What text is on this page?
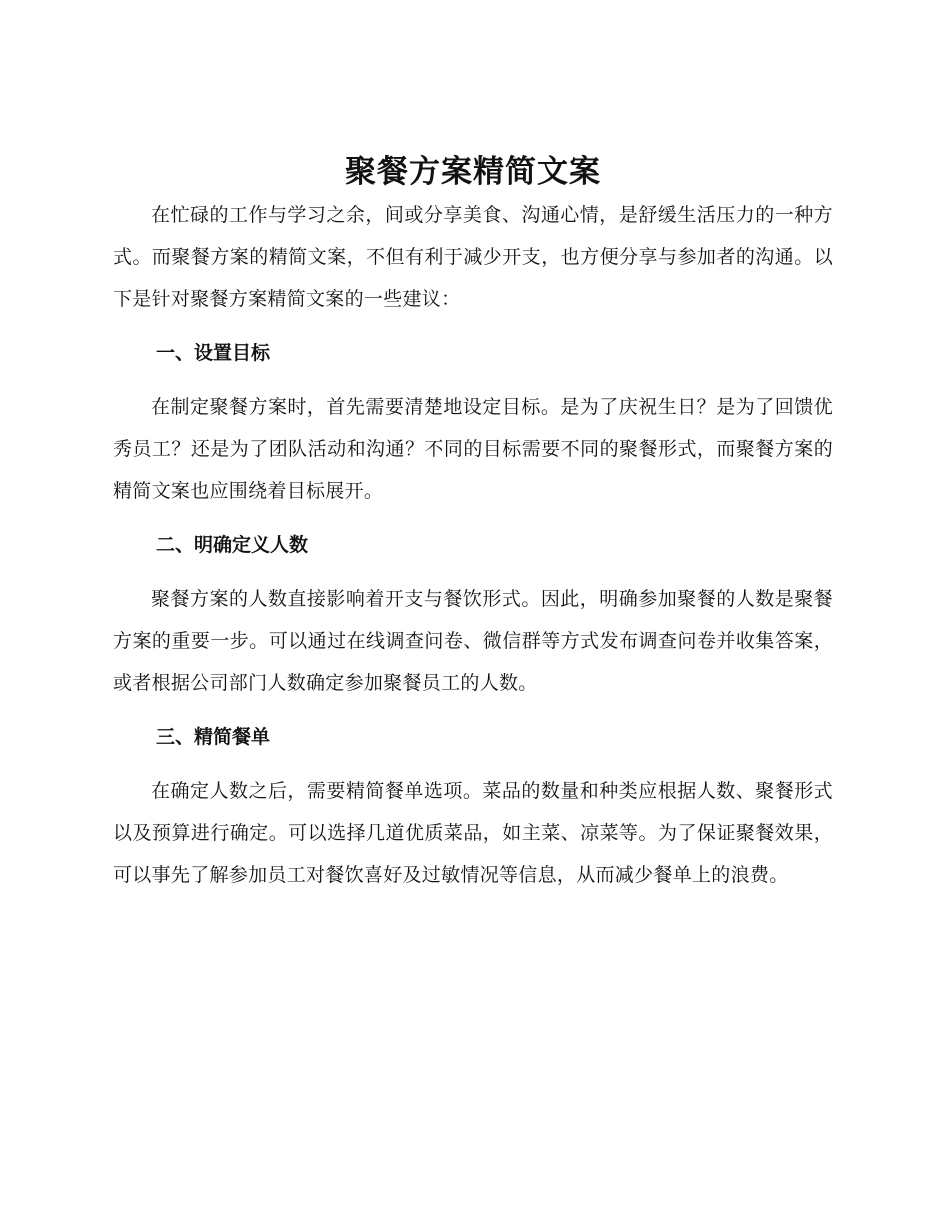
聚餐方案精简文案

在忙碌的工作与学习之余，间或分享美食、沟通心情，是舒缓生活压力的一种方式。而聚餐方案的精简文案，不但有利于减少开支，也方便分享与参加者的沟通。以下是针对聚餐方案精简文案的一些建议：

一、设置目标

在制定聚餐方案时，首先需要清楚地设定目标。是为了庆祝生日？是为了回馈优秀员工？还是为了团队活动和沟通？不同的目标需要不同的聚餐形式，而聚餐方案的精简文案也应围绕着目标展开。

二、明确定义人数

聚餐方案的人数直接影响着开支与餐饮形式。因此，明确参加聚餐的人数是聚餐方案的重要一步。可以通过在线调查问卷、微信群等方式发布调查问卷并收集答案，或者根据公司部门人数确定参加聚餐员工的人数。

三、精简餐单

在确定人数之后，需要精简餐单选项。菜品的数量和种类应根据人数、聚餐形式以及预算进行确定。可以选择几道优质菜品，如主菜、凉菜等。为了保证聚餐效果，可以事先了解参加员工对餐饮喜好及过敏情况等信息，从而减少餐单上的浪费。
